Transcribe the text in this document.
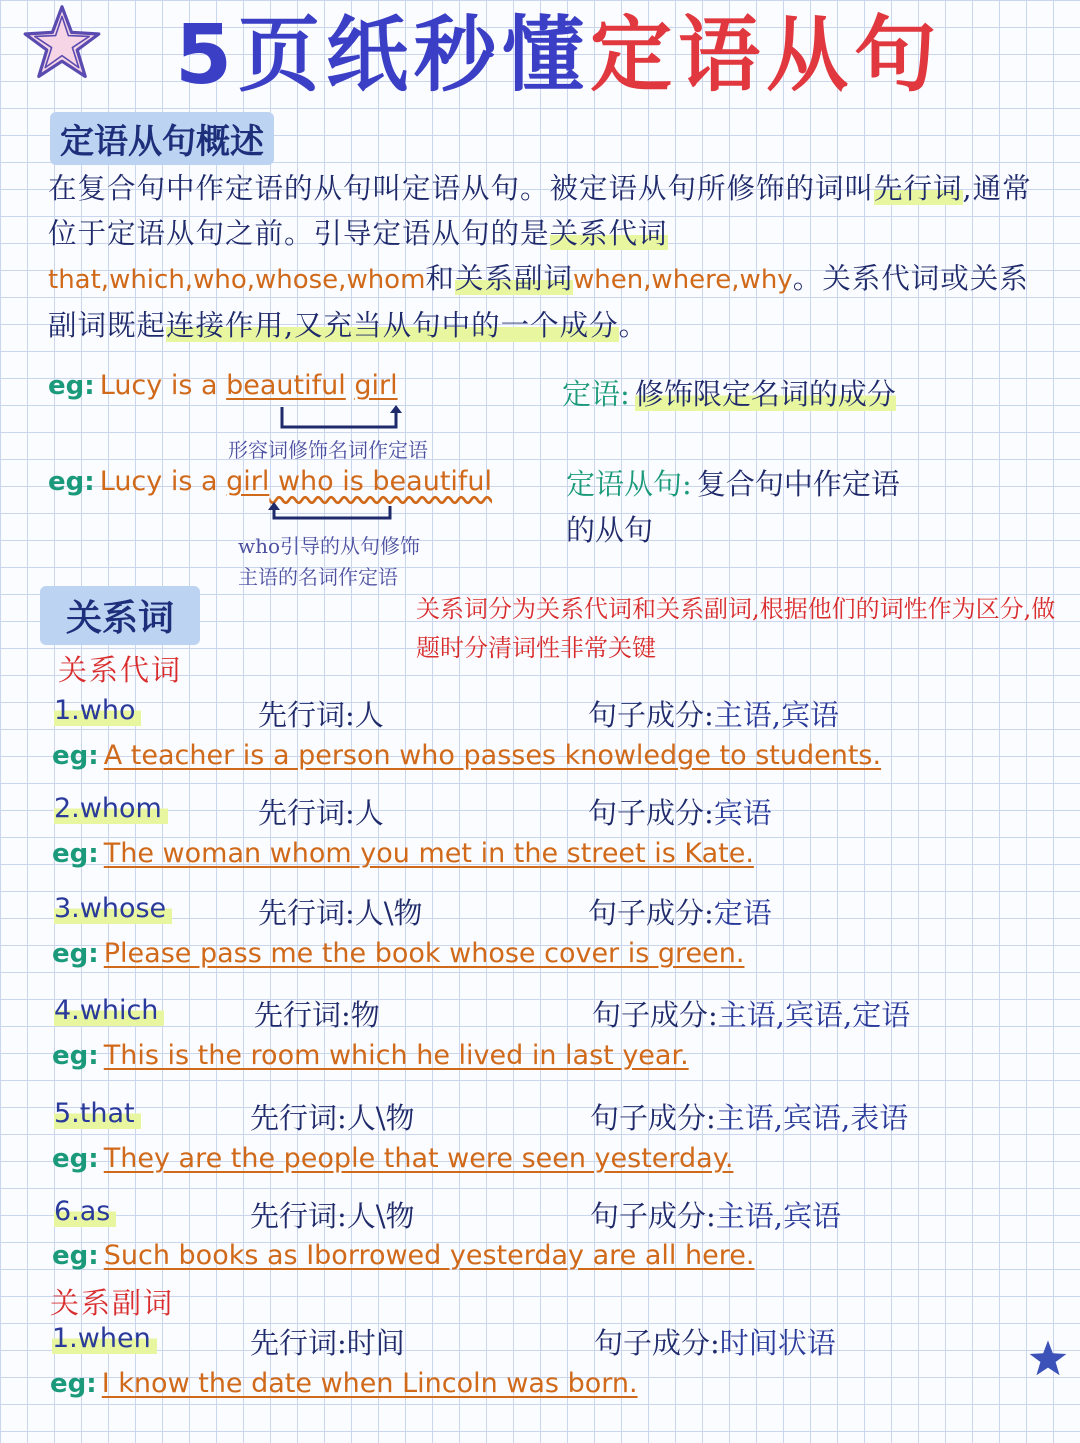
5页纸秒懂定语从句
定语从句概述
在复合句中作定语的从句叫定语从句。被定语从句所修饰的词叫先行词,通常位于定语从句之前。引导定语从句的是关系代词 that,which,who,whose,whom和关系副词when,where,why。关系代词或关系副词既起连接作用,又充当从句中的一个成分。
eg: Lucy is a beautiful girl
形容词修饰名词作定语
定语: 修饰限定名词的成分
eg: Lucy is a girl who is beautiful
who引导的从句修饰
主语的名词作定语
定语从句: 复合句中作定语
的从句
关系词	关系词分为关系代词和关系副词,根据他们的词性作为区分,做题时分清词性非常关键
关系代词
1.who	先行词:人	句子成分:主语,宾语
eg: A teacher is a person who passes knowledge to students.
2.whom	先行词:人	句子成分:宾语
eg: The woman whom you met in the street is Kate.
3.whose	先行词:人\物	句子成分:定语
eg: Please pass me the book whose cover is green.
4.which	先行词:物	句子成分:主语,宾语,定语
eg: This is the room which he lived in last year.
5.that	先行词:人\物	句子成分:主语,宾语,表语
eg: They are the people that were seen yesterday.
6.as	先行词:人\物	句子成分:主语,宾语
eg: Such books as Iborrowed yesterday are all here.
关系副词
1.when	先行词:时间	句子成分:时间状语
eg: I know the date when Lincoln was born.
